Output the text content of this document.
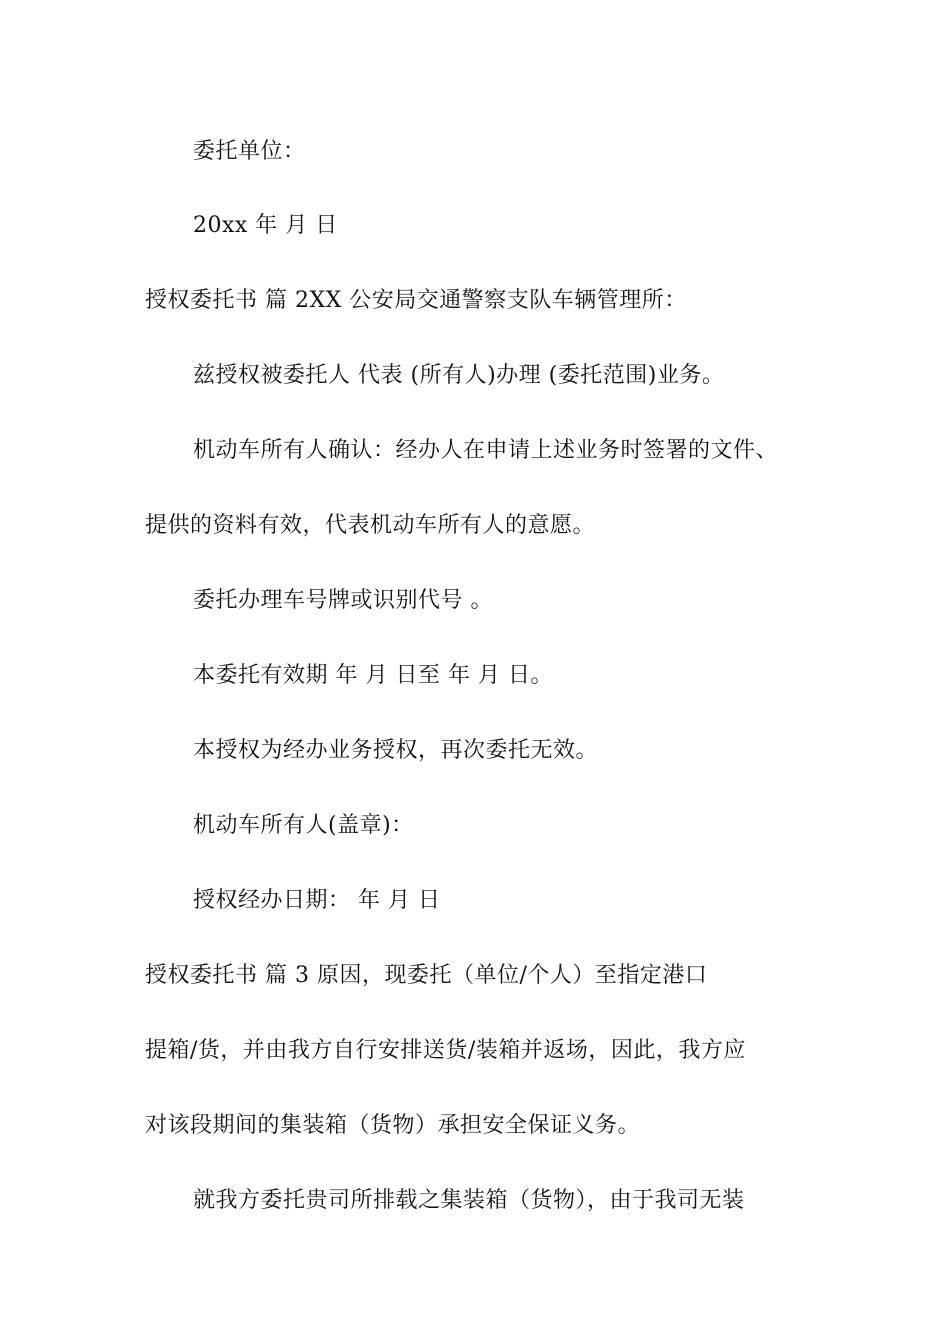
委托单位：
20xx 年 月 日
授权委托书 篇 2XX 公安局交通警察支队车辆管理所：
兹授权被委托人 代表 (所有人)办理 (委托范围)业务。
机动车所有人确认：经办人在申请上述业务时签署的文件、
提供的资料有效，代表机动车所有人的意愿。
委托办理车号牌或识别代号 。
本委托有效期 年 月 日至 年 月 日。
本授权为经办业务授权，再次委托无效。
机动车所有人(盖章)：
授权经办日期： 年 月 日
授权委托书 篇 3 原因，现委托（单位/个人）至指定港口
提箱/货，并由我方自行安排送货/装箱并返场，因此，我方应
对该段期间的集装箱（货物）承担安全保证义务。
就我方委托贵司所排载之集装箱（货物），由于我司无装
